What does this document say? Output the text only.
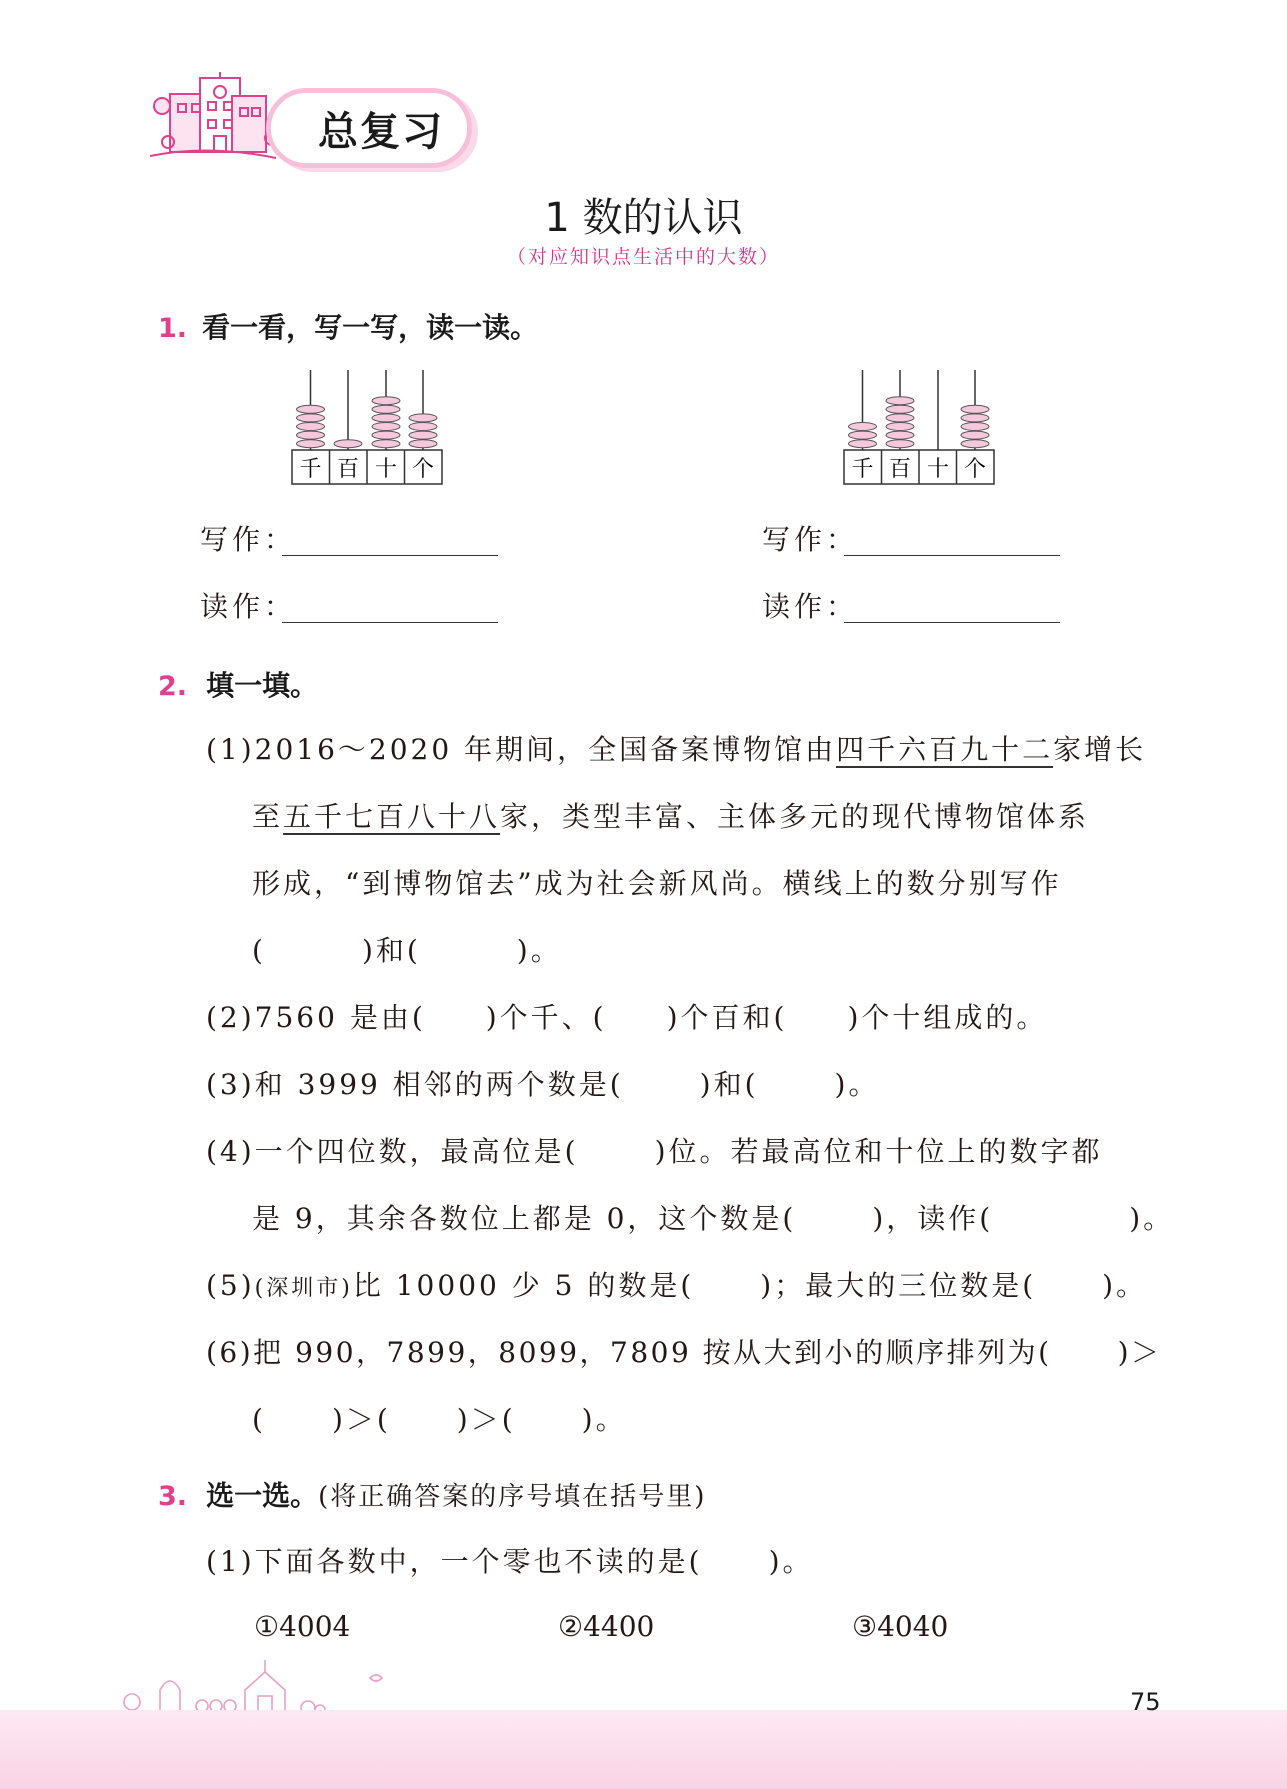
总复习
1 数的认识
（对应知识点生活中的大数）
1. 看一看，写一写，读一读。
千 百 十 个	千 百 十 个
写作：
读作：
写作：
读作：
2. 填一填。
(1)2016～2020 年期间，全国备案博物馆由四千六百九十二家增长
至五千七百八十八家，类型丰富、主体多元的现代博物馆体系
形成，“到博物馆去”成为社会新风尚。横线上的数分别写作
(	)和(	)。
(2)7560 是由( )个千、( )个百和( )个十组成的。
(3)和 3999 相邻的两个数是(	)和(	)。
(4)一个四位数，最高位是(	)位。若最高位和十位上的数字都
是 9，其余各数位上都是 0，这个数是(	)，读作(	)。
(5)(深圳市)比 10000 少 5 的数是( )；最大的三位数是( )。
(6)把 990，7899，8099，7809 按从大到小的顺序排列为( )＞
( )＞( )＞( )。
3. 选一选。(将正确答案的序号填在括号里)
(1)下面各数中，一个零也不读的是( )。
①4004	②4400	③4040
75
